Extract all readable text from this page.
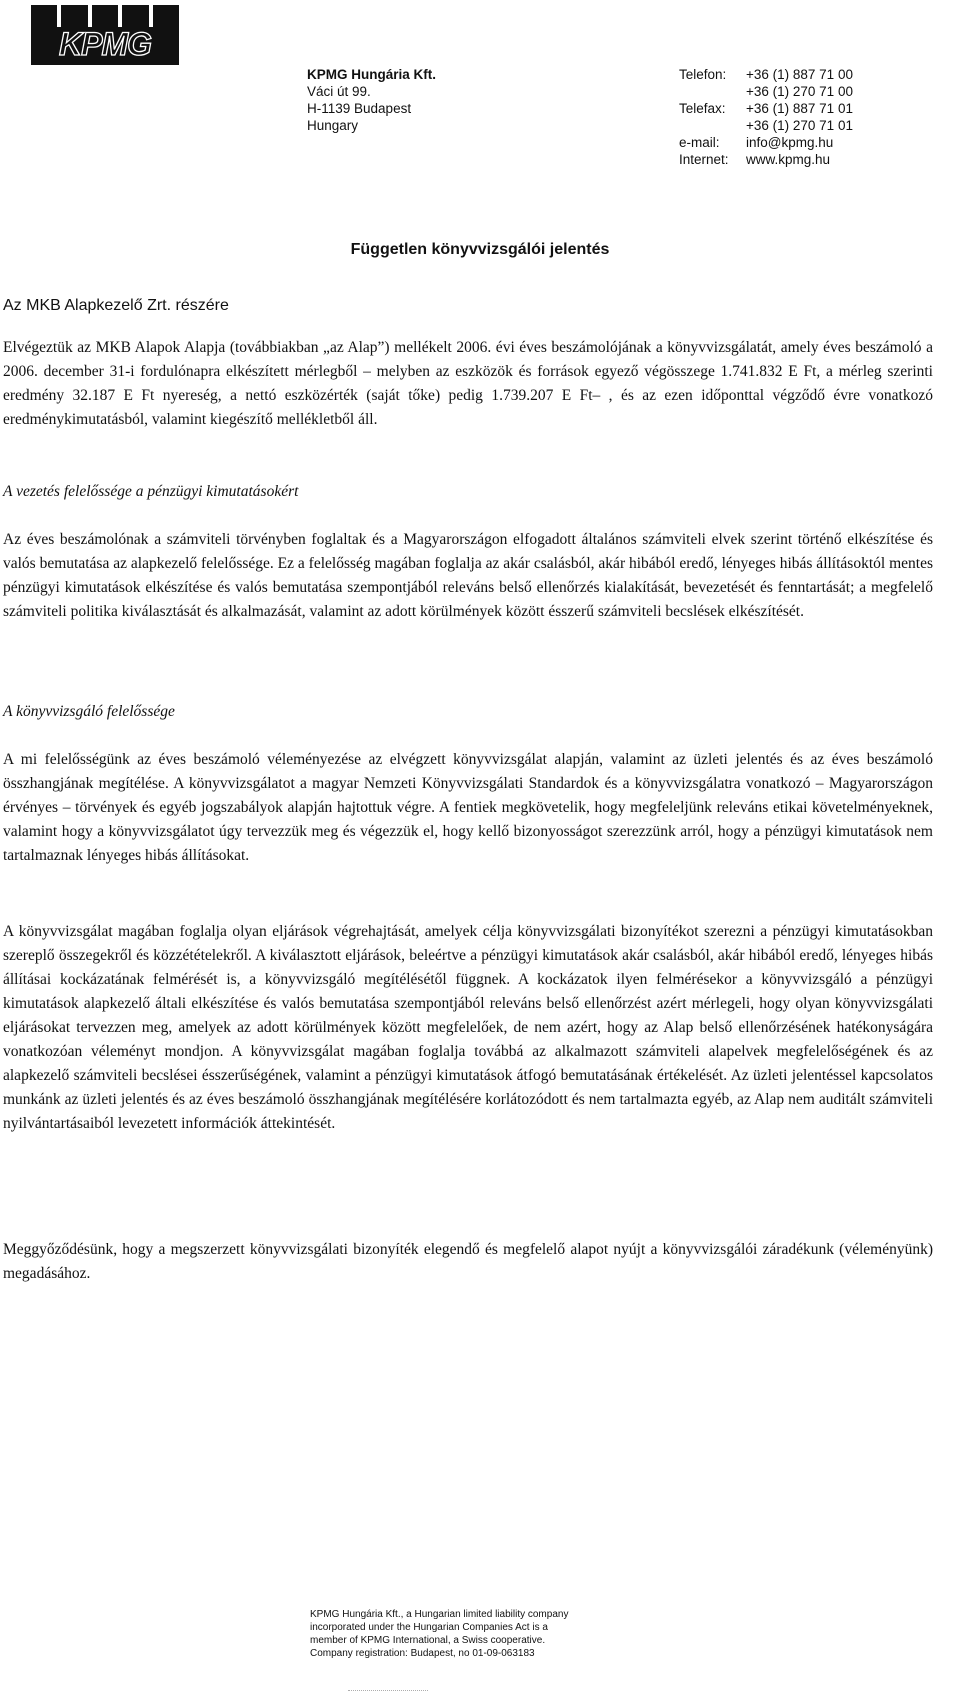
KPMG
KPMG Hungária Kft.
Váci út 99.
H-1139 Budapest
Hungary
Telefon:	+36 (1) 887 71 00
+36 (1) 270 71 00
Telefax:	+36 (1) 887 71 01
+36 (1) 270 71 01
e-mail:	info@kpmg.hu
Internet:	www.kpmg.hu
Független könyvvizsgálói jelentés
Az MKB Alapkezelő Zrt. részére

Elvégeztük az MKB Alapok Alapja (továbbiakban „az Alap”) mellékelt 2006. évi éves beszámolójának a könyvvizsgálatát, amely éves beszámoló a 2006. december 31-i fordulónapra elkészített mérlegből – melyben az eszközök és források egyező végösszege 1.741.832 E Ft, a mérleg szerinti eredmény 32.187 E Ft nyereség, a nettó eszközérték (saját tőke) pedig 1.739.207 E Ft– , és az ezen időponttal végződő évre vonatkozó eredménykimutatásból, valamint kiegészítő mellékletből áll.

A vezetés felelőssége a pénzügyi kimutatásokért

Az éves beszámolónak a számviteli törvényben foglaltak és a Magyarországon elfogadott általános számviteli elvek szerint történő elkészítése és valós bemutatása az alapkezelő felelőssége. Ez a felelősség magában foglalja az akár csalásból, akár hibából eredő, lényeges hibás állításoktól mentes pénzügyi kimutatások elkészítése és valós bemutatása szempontjából releváns belső ellenőrzés kialakítását, bevezetését és fenntartását; a megfelelő számviteli politika kiválasztását és alkalmazását, valamint az adott körülmények között ésszerű számviteli becslések elkészítését.

A könyvvizsgáló felelőssége

A mi felelősségünk az éves beszámoló véleményezése az elvégzett könyvvizsgálat alapján, valamint az üzleti jelentés és az éves beszámoló összhangjának megítélése. A könyvvizsgálatot a magyar Nemzeti Könyvvizsgálati Standardok és a könyvvizsgálatra vonatkozó – Magyarországon érvényes – törvények és egyéb jogszabályok alapján hajtottuk végre. A fentiek megkövetelik, hogy megfeleljünk releváns etikai követelményeknek, valamint hogy a könyvvizsgálatot úgy tervezzük meg és végezzük el, hogy kellő bizonyosságot szerezzünk arról, hogy a pénzügyi kimutatások nem tartalmaznak lényeges hibás állításokat.

A könyvvizsgálat magában foglalja olyan eljárások végrehajtását, amelyek célja könyvvizsgálati bizonyítékot szerezni a pénzügyi kimutatásokban szereplő összegekről és közzétételekről. A kiválasztott eljárások, beleértve a pénzügyi kimutatások akár csalásból, akár hibából eredő, lényeges hibás állításai kockázatának felmérését is, a könyvvizsgáló megítélésétől függnek. A kockázatok ilyen felmérésekor a könyvvizsgáló a pénzügyi kimutatások alapkezelő általi elkészítése és valós bemutatása szempontjából releváns belső ellenőrzést azért mérlegeli, hogy olyan könyvvizsgálati eljárásokat tervezzen meg, amelyek az adott körülmények között megfelelőek, de nem azért, hogy az Alap belső ellenőrzésének hatékonyságára vonatkozóan véleményt mondjon. A könyvvizsgálat magában foglalja továbbá az alkalmazott számviteli alapelvek megfelelőségének és az alapkezelő számviteli becslései ésszerűségének, valamint a pénzügyi kimutatások átfogó bemutatásának értékelését. Az üzleti jelentéssel kapcsolatos munkánk az üzleti jelentés és az éves beszámoló összhangjának megítélésére korlátozódott és nem tartalmazta egyéb, az Alap nem auditált számviteli nyilvántartásaiból levezetett információk áttekintését.

Meggyőződésünk, hogy a megszerzett könyvvizsgálati bizonyíték elegendő és megfelelő alapot nyújt a könyvvizsgálói záradékunk (véleményünk) megadásához.

KPMG Hungária Kft., a Hungarian limited liability company
incorporated under the Hungarian Companies Act is a
member of KPMG International, a Swiss cooperative.
Company registration: Budapest, no 01-09-063183
